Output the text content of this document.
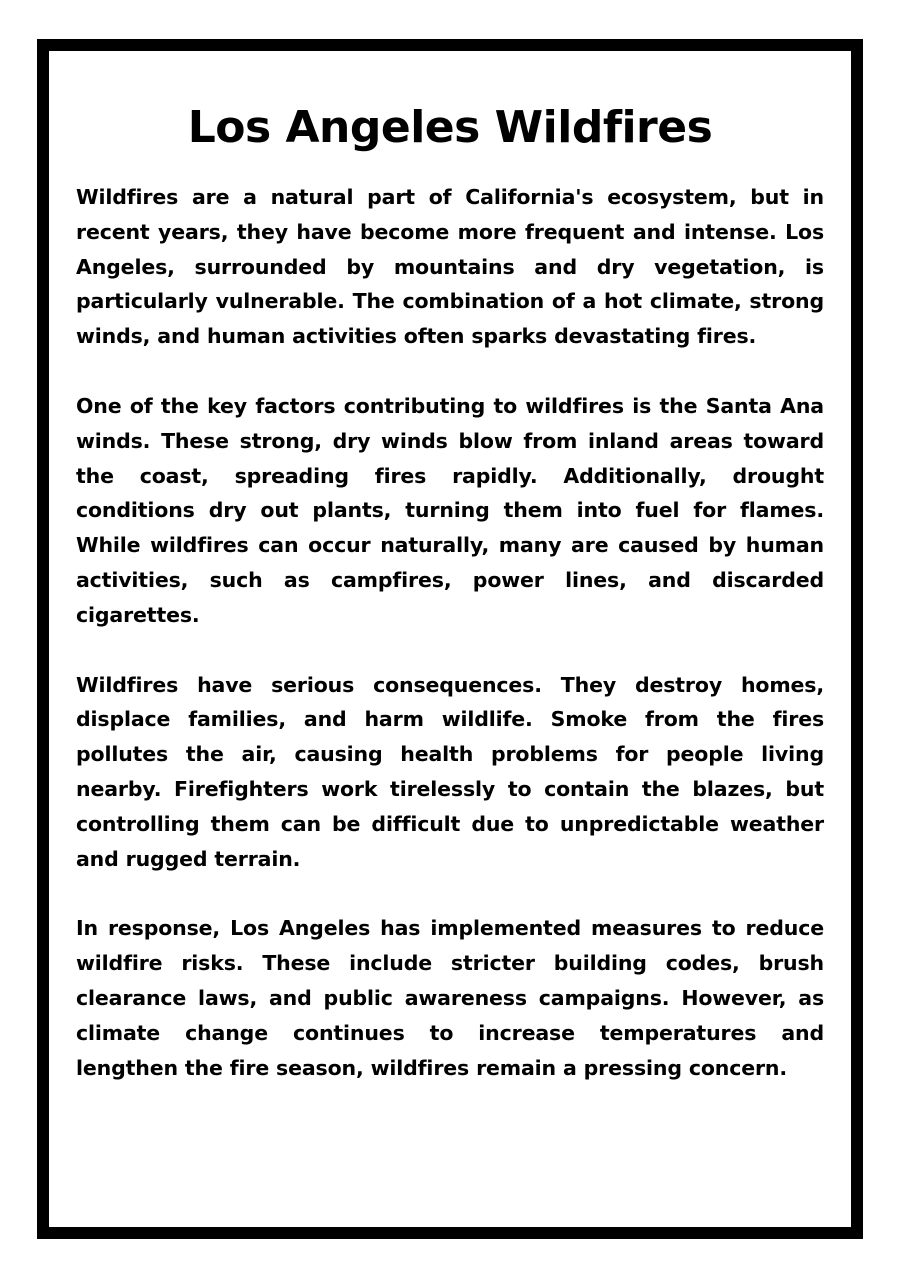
Los Angeles Wildfires

Wildfires are a natural part of California's ecosystem, but in recent years, they have become more frequent and intense. Los Angeles, surrounded by mountains and dry vegetation, is particularly vulnerable. The combination of a hot climate, strong winds, and human activities often sparks devastating fires.

One of the key factors contributing to wildfires is the Santa Ana winds. These strong, dry winds blow from inland areas toward the coast, spreading fires rapidly. Additionally, drought conditions dry out plants, turning them into fuel for flames. While wildfires can occur naturally, many are caused by human activities, such as campfires, power lines, and discarded cigarettes.

Wildfires have serious consequences. They destroy homes, displace families, and harm wildlife. Smoke from the fires pollutes the air, causing health problems for people living nearby. Firefighters work tirelessly to contain the blazes, but controlling them can be difficult due to unpredictable weather and rugged terrain.

In response, Los Angeles has implemented measures to reduce wildfire risks. These include stricter building codes, brush clearance laws, and public awareness campaigns. However, as climate change continues to increase temperatures and lengthen the fire season, wildfires remain a pressing concern.
